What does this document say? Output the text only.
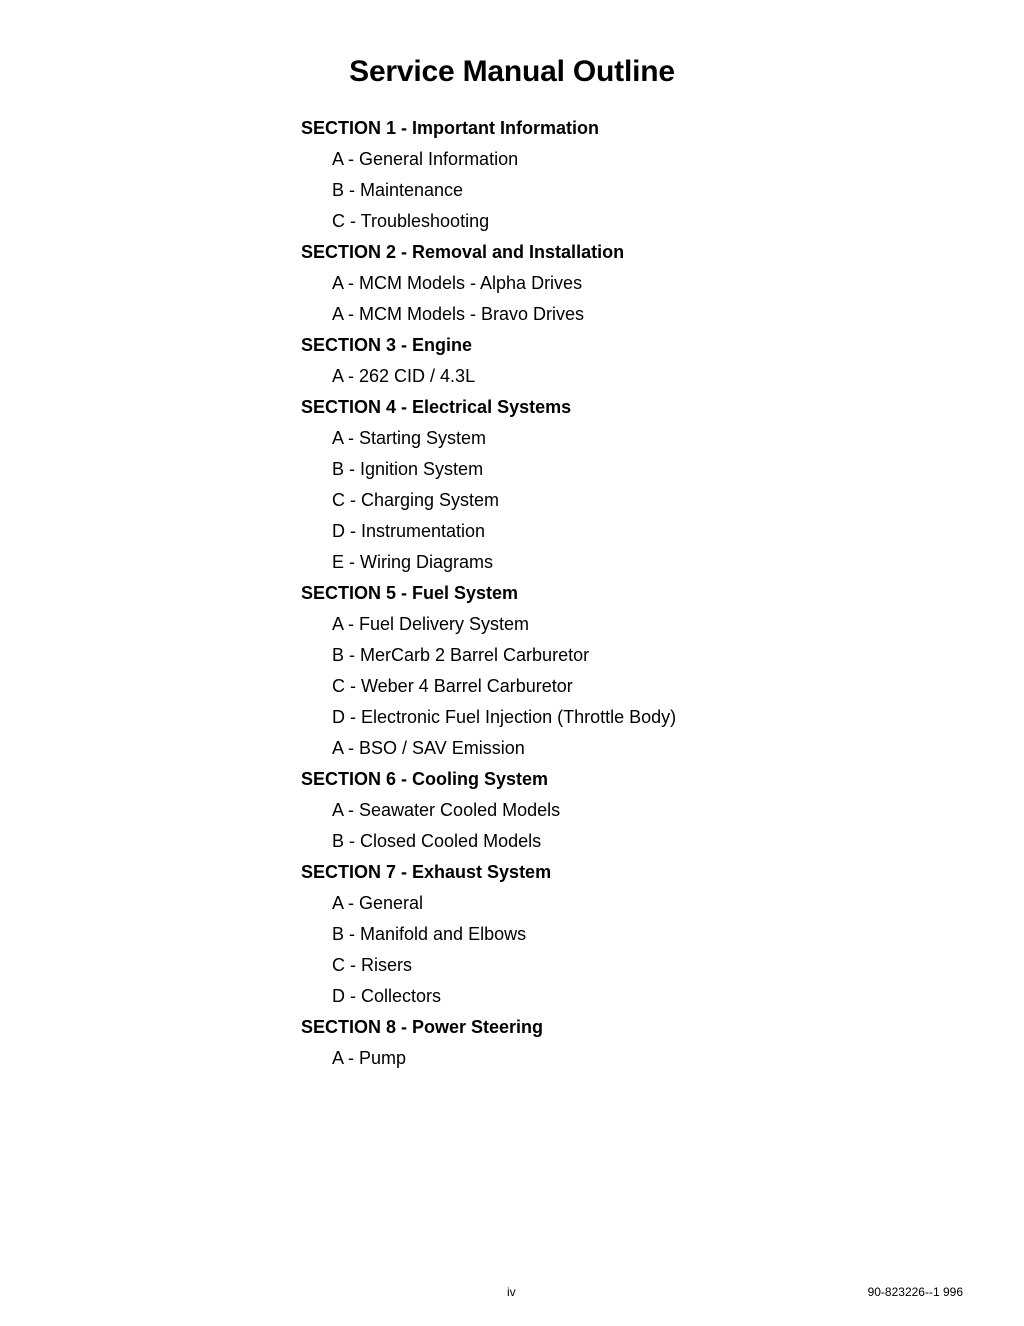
Service Manual Outline
SECTION 1 - Important Information
A - General Information
B - Maintenance
C - Troubleshooting
SECTION 2 - Removal and Installation
A - MCM Models - Alpha Drives
A - MCM Models - Bravo Drives
SECTION 3 - Engine
A - 262 CID / 4.3L
SECTION 4 - Electrical Systems
A - Starting System
B - Ignition System
C - Charging System
D - Instrumentation
E - Wiring Diagrams
SECTION 5 - Fuel System
A - Fuel Delivery System
B - MerCarb 2 Barrel Carburetor
C - Weber 4 Barrel Carburetor
D - Electronic Fuel Injection (Throttle Body)
A - BSO / SAV Emission
SECTION 6 - Cooling System
A - Seawater Cooled Models
B - Closed Cooled Models
SECTION 7 - Exhaust System
A - General
B - Manifold and Elbows
C - Risers
D - Collectors
SECTION 8 - Power Steering
A - Pump
iv	90-823226--1 996
